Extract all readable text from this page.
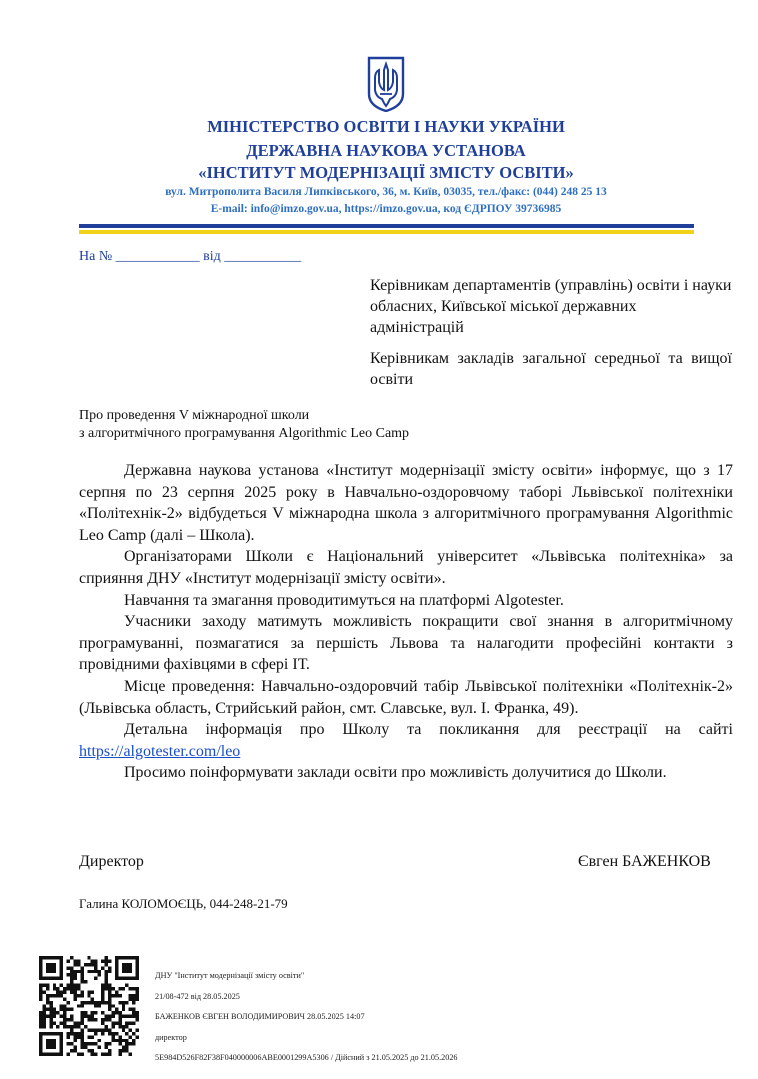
МІНІСТЕРСТВО ОСВІТИ І НАУКИ УКРАЇНИ
ДЕРЖАВНА НАУКОВА УСТАНОВА
«ІНСТИТУТ МОДЕРНІЗАЦІЇ ЗМІСТУ ОСВІТИ»
вул. Митрополита Василя Липківського, 36, м. Київ, 03035, тел./факс: (044) 248 25 13
E-mail: info@imzo.gov.ua, https://imzo.gov.ua, код ЄДРПОУ 39736985
На № ____________ від ___________
Керівникам департаментів (управлінь) освіти і науки обласних, Київської міської державних адміністрацій
Керівникам закладів загальної середньої та вищої освіти
Про проведення V міжнародної школи
з алгоритмічного програмування Algorithmic Leo Camp

Державна наукова установа «Інститут модернізації змісту освіти» інформує, що з 17 серпня по 23 серпня 2025 року в Навчально-оздоровчому таборі Львівської політехніки «Політехнік-2» відбудеться V міжнародна школа з алгоритмічного програмування Algorithmic Leo Camp (далі – Школа).

Організаторами Школи є Національний університет «Львівська політехніка» за сприяння ДНУ «Інститут модернізації змісту освіти».

Навчання та змагання проводитимуться на платформі Algotester.

Учасники заходу матимуть можливість покращити свої знання в алгоритмічному програмуванні, позмагатися за першість Львова та налагодити професійні контакти з провідними фахівцями в сфері ІТ.

Місце проведення: Навчально-оздоровчий табір Львівської політехніки «Політехнік-2» (Львівська область, Стрийський район, смт. Славське, вул. І. Франка, 49).

Детальна інформація про Школу та покликання для реєстрації на сайті https://algotester.com/leo

Просимо поінформувати заклади освіти про можливість долучитися до Школи.

Директор	Євген БАЖЕНКОВ
Галина КОЛОМОЄЦЬ, 044-248-21-79
ДНУ "Інститут модернізації змісту освіти"
21/08-472 від 28.05.2025
БАЖЕНКОВ ЄВГЕН ВОЛОДИМИРОВИЧ 28.05.2025 14:07
директор
5E984D526F82F38F040000006ABE0001299A5306 / Дійсний з 21.05.2025 до 21.05.2026
